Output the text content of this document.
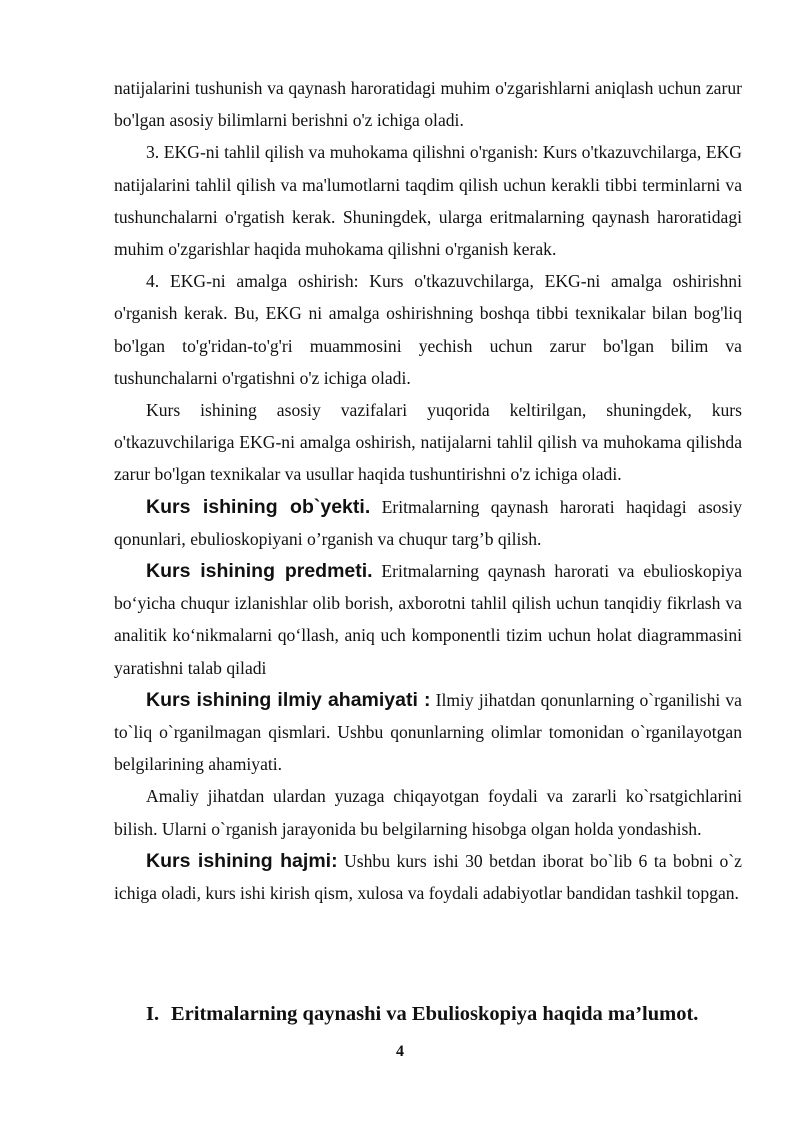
natijalarini tushunish va qaynash haroratidagi muhim o'zgarishlarni aniqlash uchun zarur bo'lgan asosiy bilimlarni berishni o'z ichiga oladi.

3. EKG-ni tahlil qilish va muhokama qilishni o'rganish: Kurs o'tkazuvchilarga, EKG natijalarini tahlil qilish va ma'lumotlarni taqdim qilish uchun kerakli tibbi terminlarni va tushunchalarni o'rgatish kerak. Shuningdek, ularga eritmalarning qaynash haroratidagi muhim o'zgarishlar haqida muhokama qilishni o'rganish kerak.

4. EKG-ni amalga oshirish: Kurs o'tkazuvchilarga, EKG-ni amalga oshirishni o'rganish kerak. Bu, EKG ni amalga oshirishning boshqa tibbi texnikalar bilan bog'liq bo'lgan to'g'ridan-to'g'ri muammosini yechish uchun zarur bo'lgan bilim va tushunchalarni o'rgatishni o'z ichiga oladi.

Kurs ishining asosiy vazifalari yuqorida keltirilgan, shuningdek, kurs o'tkazuvchilariga EKG-ni amalga oshirish, natijalarni tahlil qilish va muhokama qilishda zarur bo'lgan texnikalar va usullar haqida tushuntirishni o'z ichiga oladi.

Kurs ishining ob`yekti. Eritmalarning qaynash harorati haqidagi asosiy qonunlari, ebulioskopiyani o’rganish va chuqur targ’b qilish.

Kurs ishining predmeti. Eritmalarning qaynash harorati va ebulioskopiya bo‘yicha chuqur izlanishlar olib borish, axborotni tahlil qilish uchun tanqidiy fikrlash va analitik ko‘nikmalarni qo‘llash, aniq uch komponentli tizim uchun holat diagrammasini yaratishni talab qiladi

Kurs ishining ilmiy ahamiyati : Ilmiy jihatdan qonunlarning o`rganilishi va to`liq o`rganilmagan qismlari. Ushbu qonunlarning olimlar tomonidan o`rganilayotgan belgilarining ahamiyati.

Amaliy jihatdan ulardan yuzaga chiqayotgan foydali va zararli ko`rsatgichlarini bilish. Ularni o`rganish jarayonida bu belgilarning hisobga olgan holda yondashish.

Kurs ishining hajmi: Ushbu kurs ishi 30 betdan iborat bo`lib 6 ta bobni o`z ichiga oladi, kurs ishi kirish qism, xulosa va foydali adabiyotlar bandidan tashkil topgan.

I. Eritmalarning qaynashi va Ebulioskopiya haqida ma’lumot.
4
